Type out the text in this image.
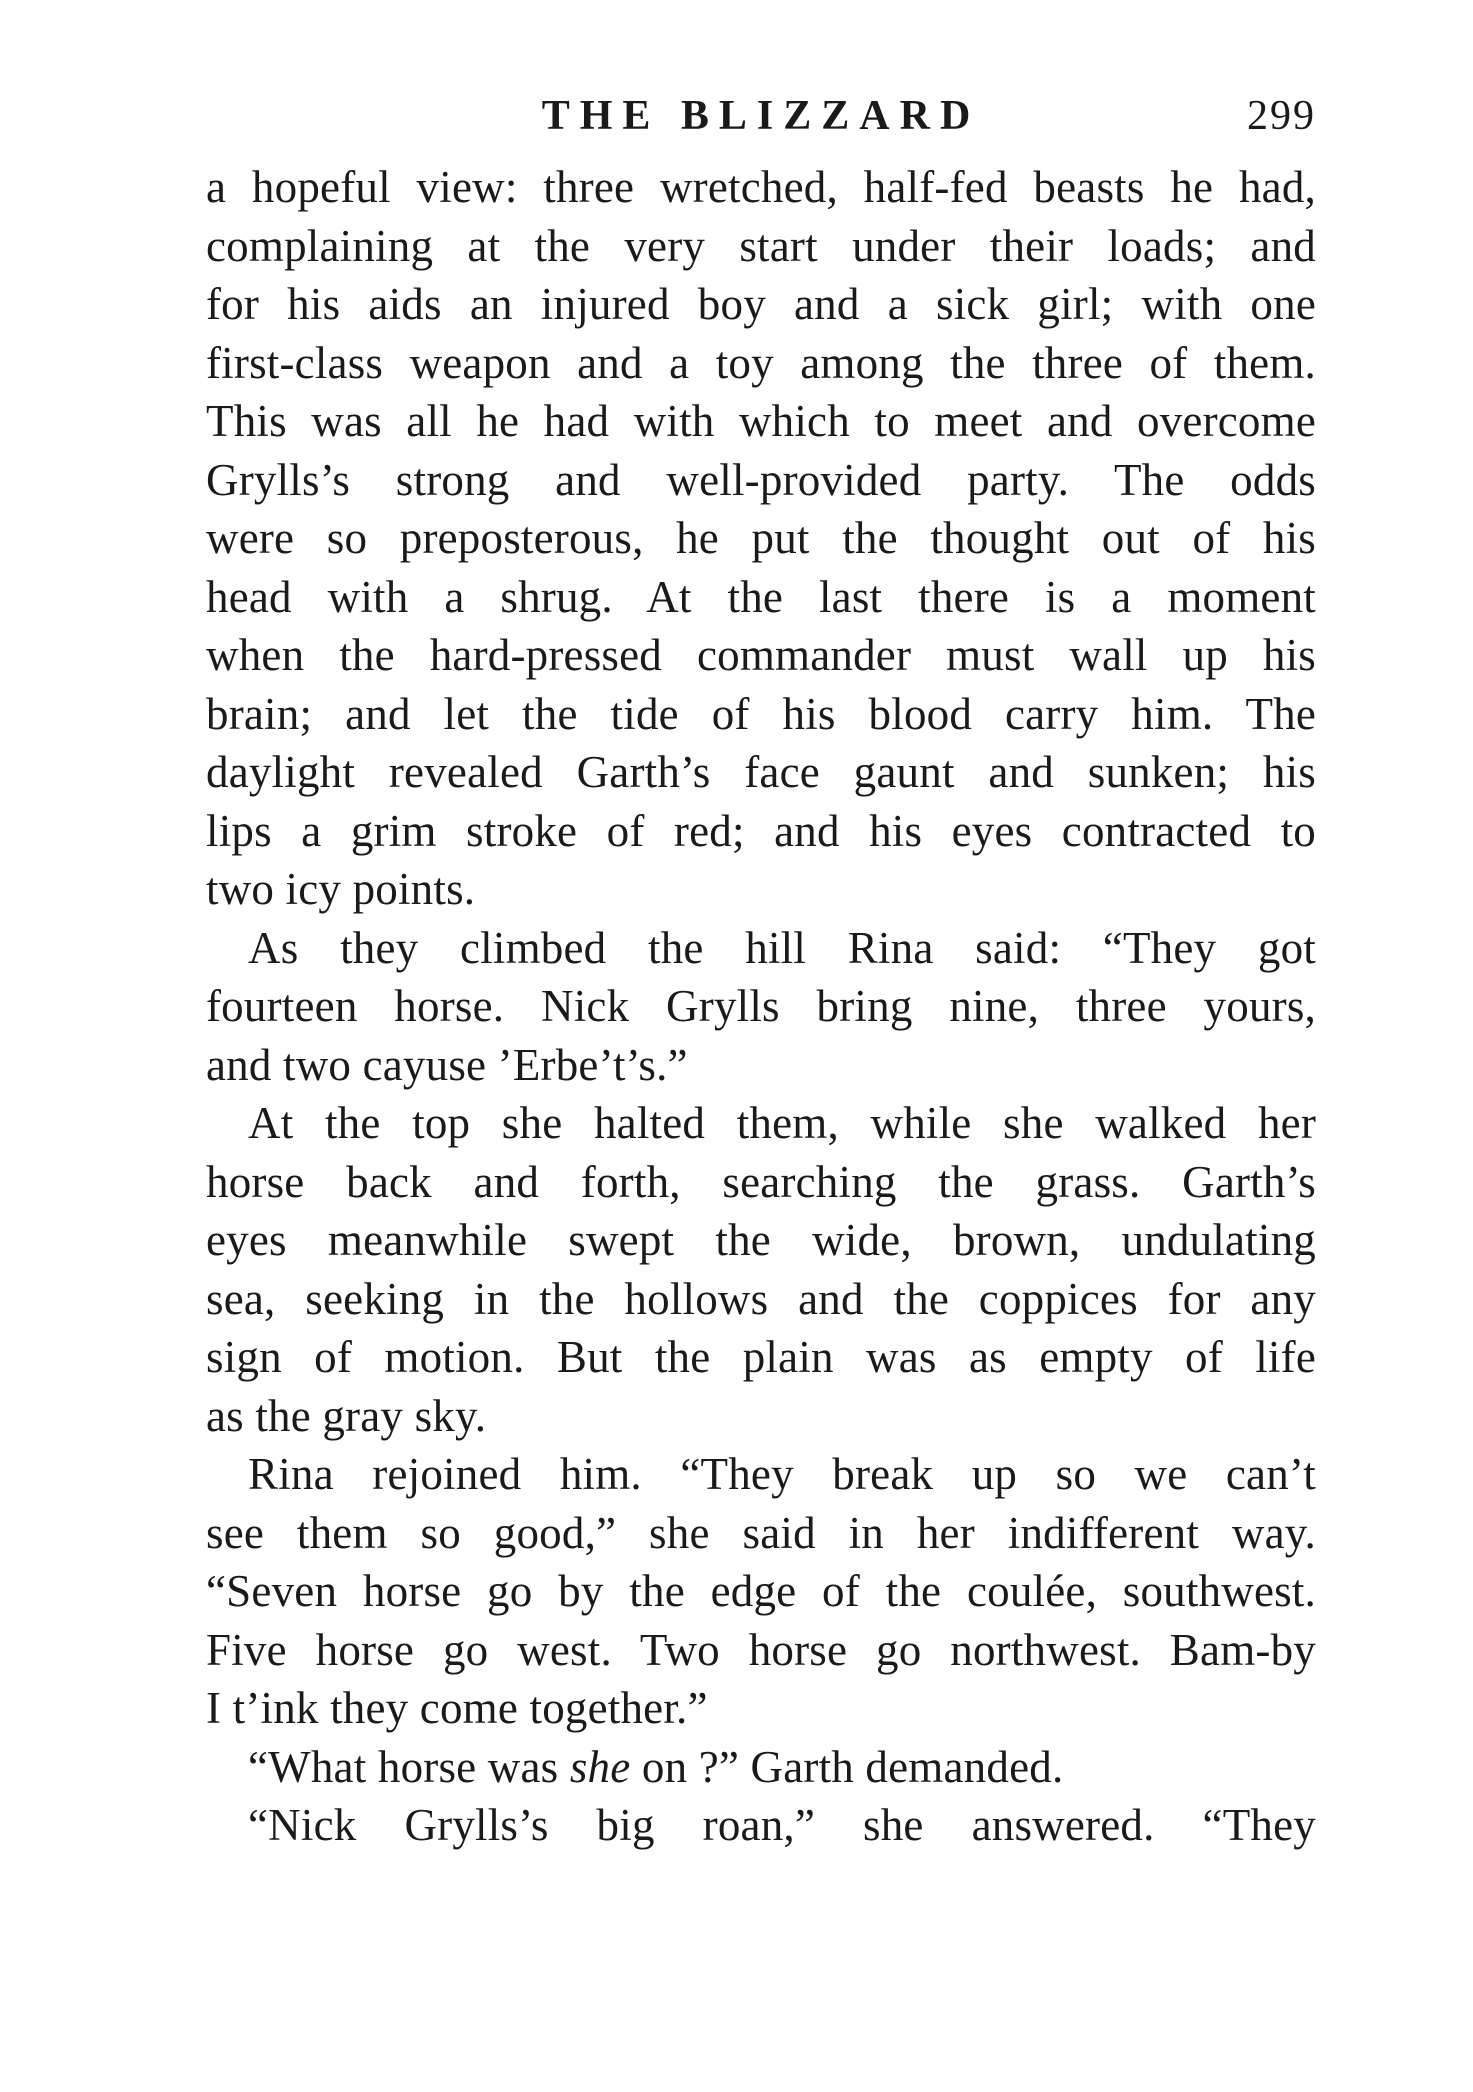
THE BLIZZARD	299
a hopeful view: three wretched, half-fed beasts he had,
complaining at the very start under their loads; and
for his aids an injured boy and a sick girl; with one
first-class weapon and a toy among the three of them.
This was all he had with which to meet and overcome
Grylls’s strong and well-provided party. The odds
were so preposterous, he put the thought out of his
head with a shrug. At the last there is a moment
when the hard-pressed commander must wall up his
brain; and let the tide of his blood carry him. The
daylight revealed Garth’s face gaunt and sunken; his
lips a grim stroke of red; and his eyes contracted to
two icy points.
As they climbed the hill Rina said: “They got
fourteen horse. Nick Grylls bring nine, three yours,
and two cayuse ’Erbe’t’s.”
At the top she halted them, while she walked her
horse back and forth, searching the grass. Garth’s
eyes meanwhile swept the wide, brown, undulating
sea, seeking in the hollows and the coppices for any
sign of motion. But the plain was as empty of life
as the gray sky.
Rina rejoined him. “They break up so we can’t
see them so good,” she said in her indifferent way.
“Seven horse go by the edge of the coulée, southwest.
Five horse go west. Two horse go northwest. Bam-by
I t’ink they come together.”
“What horse was she on ?” Garth demanded.
“Nick Grylls’s big roan,” she answered. “They
